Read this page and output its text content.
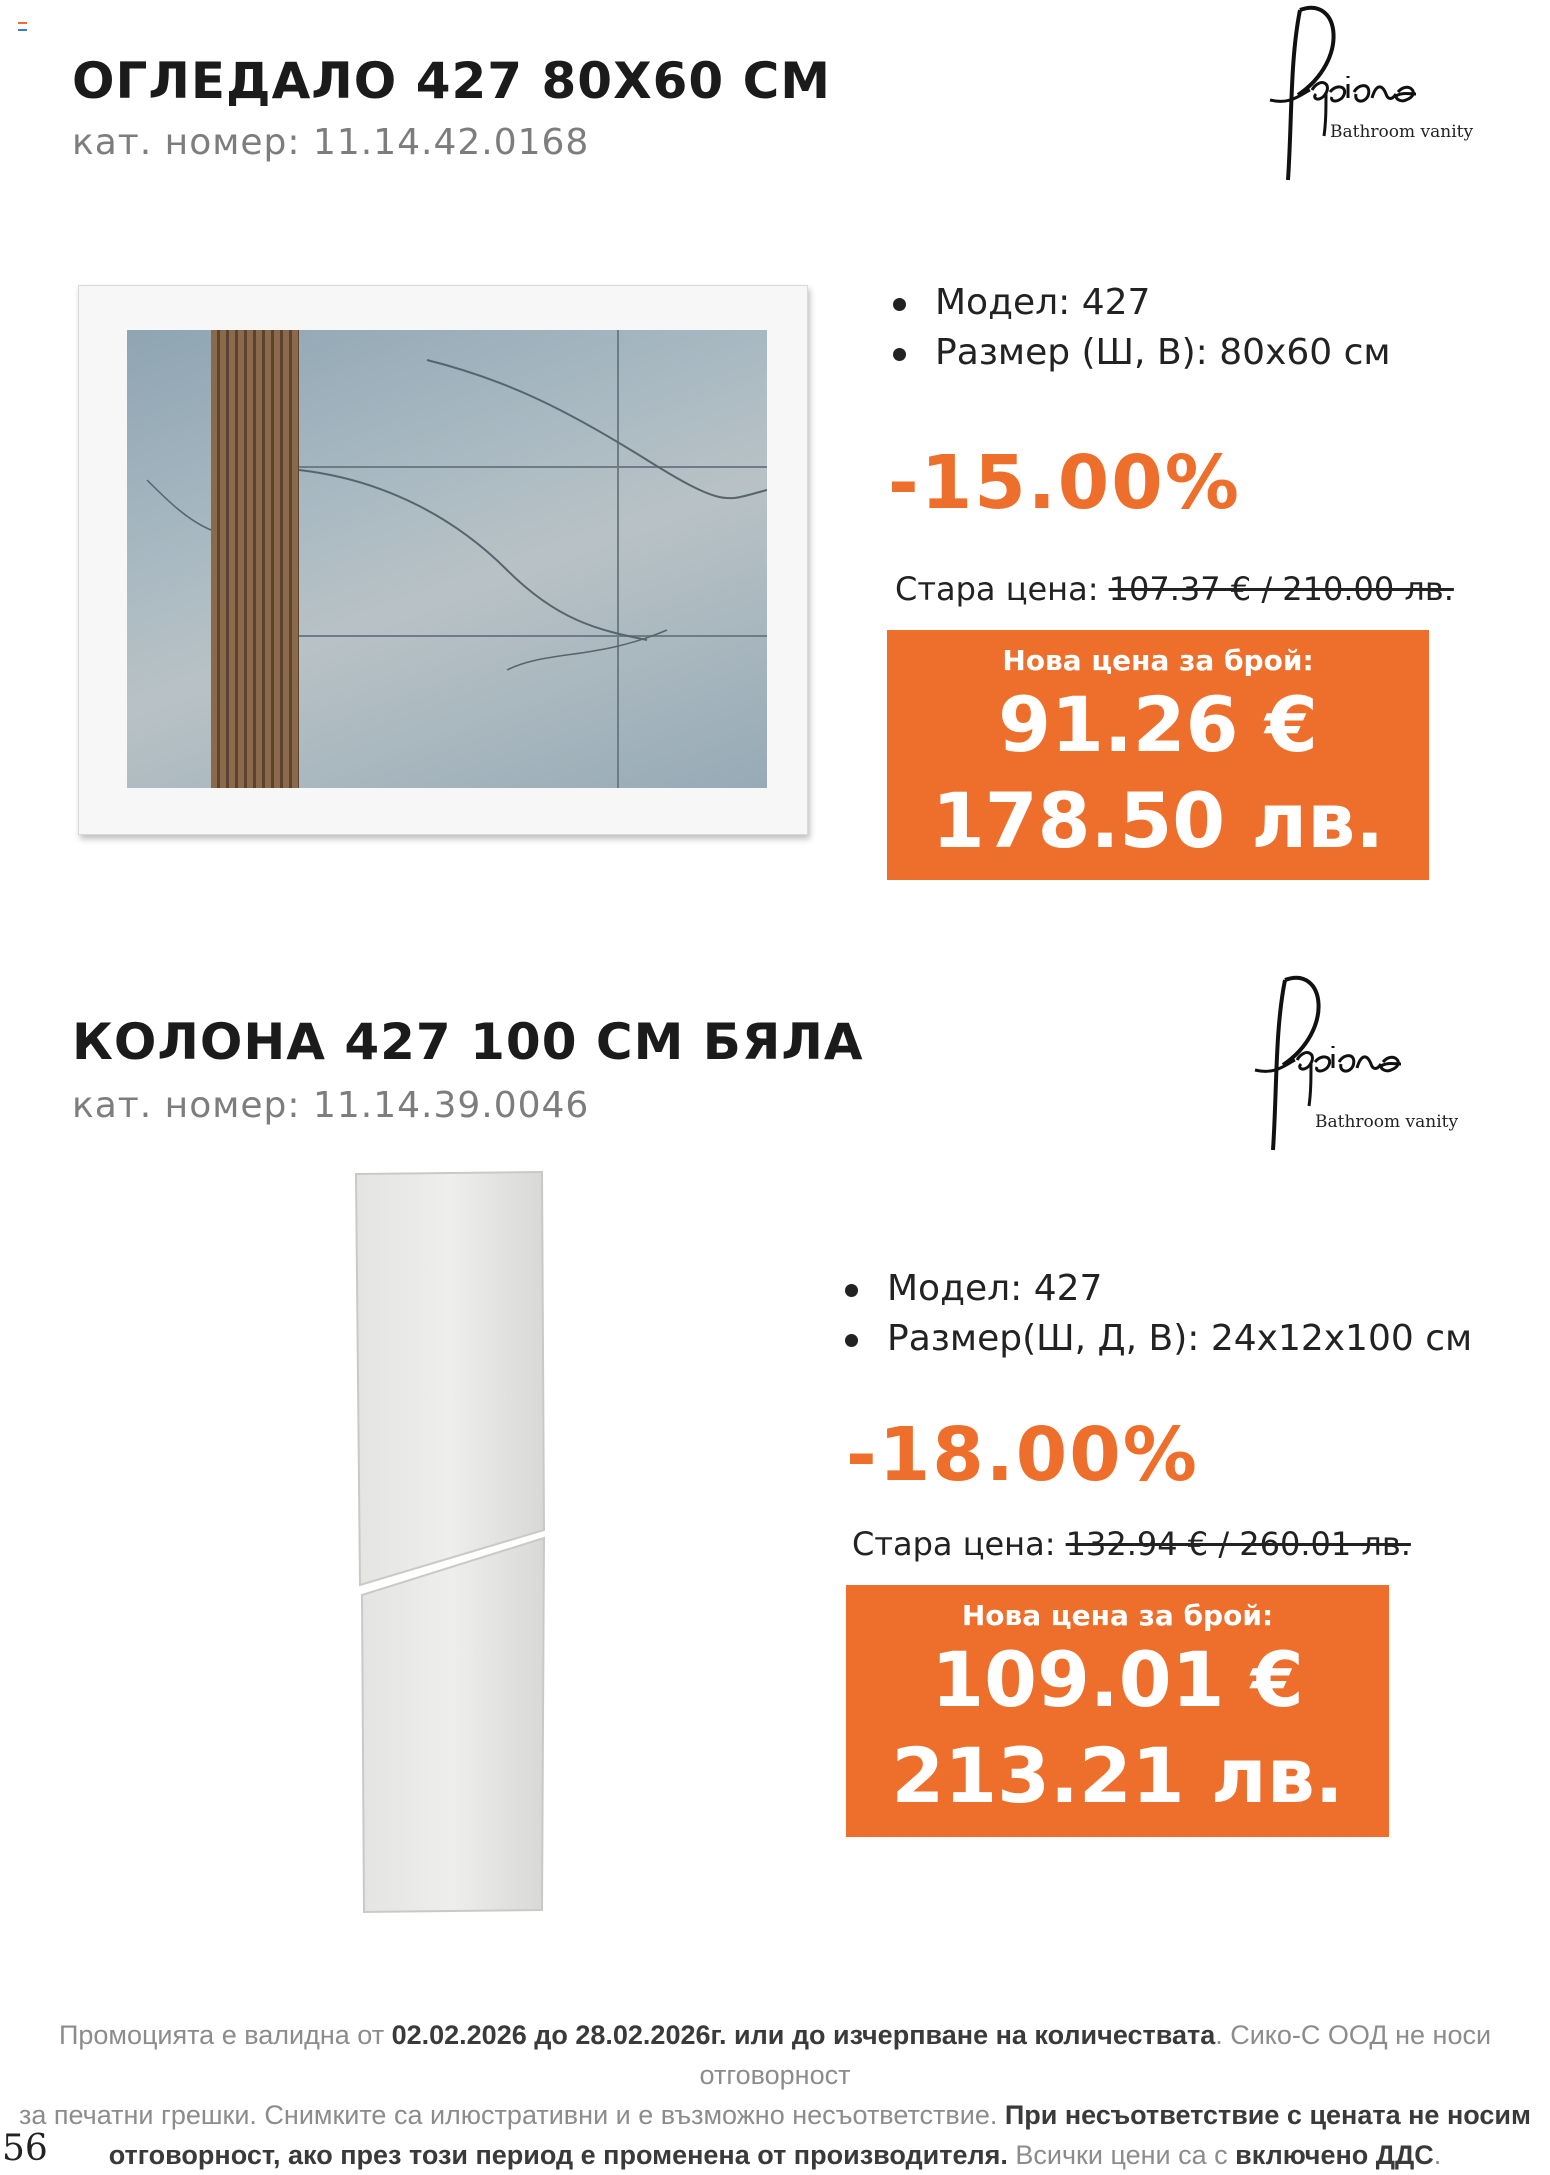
ОГЛЕДАЛО 427 80X60 СМ
кат. номер: 11.14.42.0168	Bathroom vanity
Модел: 427
Размер (Ш, В): 80x60 см
-15.00%
Стара цена: 107.37 € / 210.00 лв.
Нова цена за брой:
91.26 €
178.50 лв.
КОЛОНА 427 100 СМ БЯЛА
кат. номер: 11.14.39.0046	Bathroom vanity
Модел: 427
Размер(Ш, Д, В): 24x12x100 см
-18.00%
Стара цена: 132.94 € / 260.01 лв.
Нова цена за брой:
109.01 €
213.21 лв.
Промоцията е валидна от 02.02.2026 до 28.02.2026г. или до изчерпване на количествата. Сико-С ООД не носи отговорност
за печатни грешки. Снимките са илюстративни и е възможно несъответствие. При несъответствие с цената не носим
отговорност, ако през този период е променена от производителя. Всички цени са с включено ДДС.
56
